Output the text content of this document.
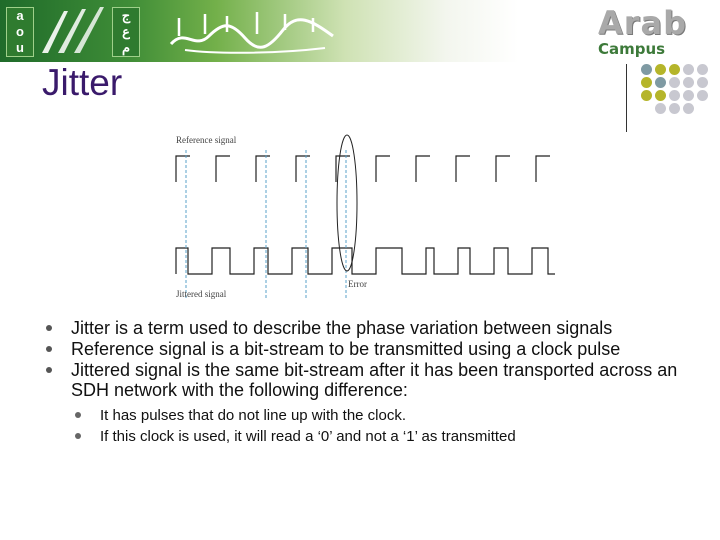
a
o
u
ج
ع
م
Arab
Campus
Jitter
Reference signal
Error
Jittered signal
Jitter is a term used to describe the phase variation between signals
Reference signal is a bit-stream to be transmitted using a clock pulse
Jittered signal is the same bit-stream after it has been transported across an SDH network with the following difference:
It has pulses that do not line up with the clock.
If this clock is used, it will read a ‘0’ and not a ‘1’ as transmitted
